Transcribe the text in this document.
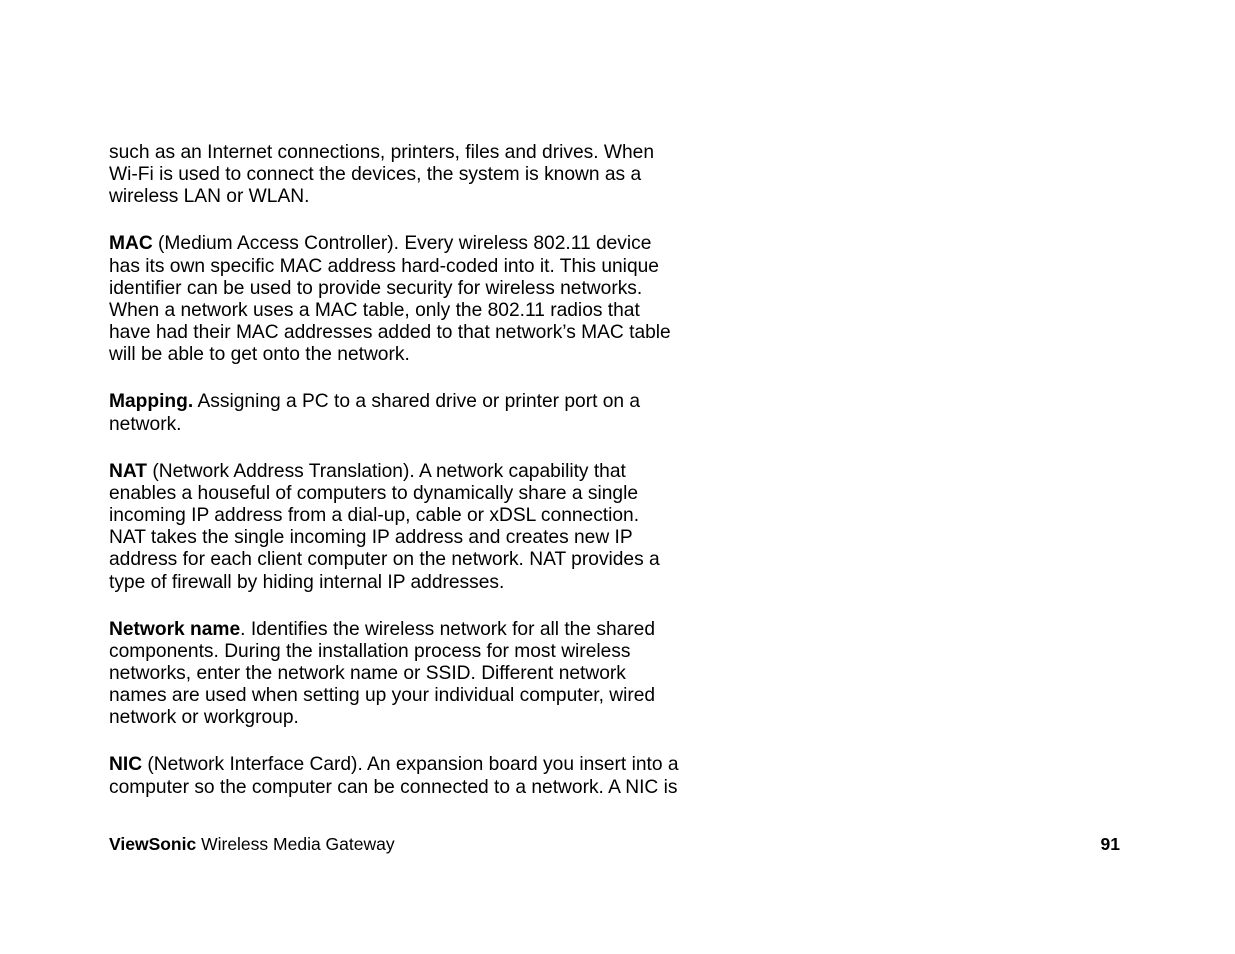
such as an Internet connections, printers, files and drives. When
Wi-Fi is used to connect the devices, the system is known as a
wireless LAN or WLAN.

MAC (Medium Access Controller). Every wireless 802.11 device
has its own specific MAC address hard-coded into it. This unique
identifier can be used to provide security for wireless networks.
When a network uses a MAC table, only the 802.11 radios that
have had their MAC addresses added to that network’s MAC table
will be able to get onto the network.

Mapping. Assigning a PC to a shared drive or printer port on a
network.

NAT (Network Address Translation). A network capability that
enables a houseful of computers to dynamically share a single
incoming IP address from a dial-up, cable or xDSL connection.
NAT takes the single incoming IP address and creates new IP
address for each client computer on the network. NAT provides a
type of firewall by hiding internal IP addresses.

Network name. Identifies the wireless network for all the shared
components. During the installation process for most wireless
networks, enter the network name or SSID. Different network
names are used when setting up your individual computer, wired
network or workgroup.

NIC (Network Interface Card). An expansion board you insert into a
computer so the computer can be connected to a network. A NIC is

ViewSonic Wireless Media Gateway	91
